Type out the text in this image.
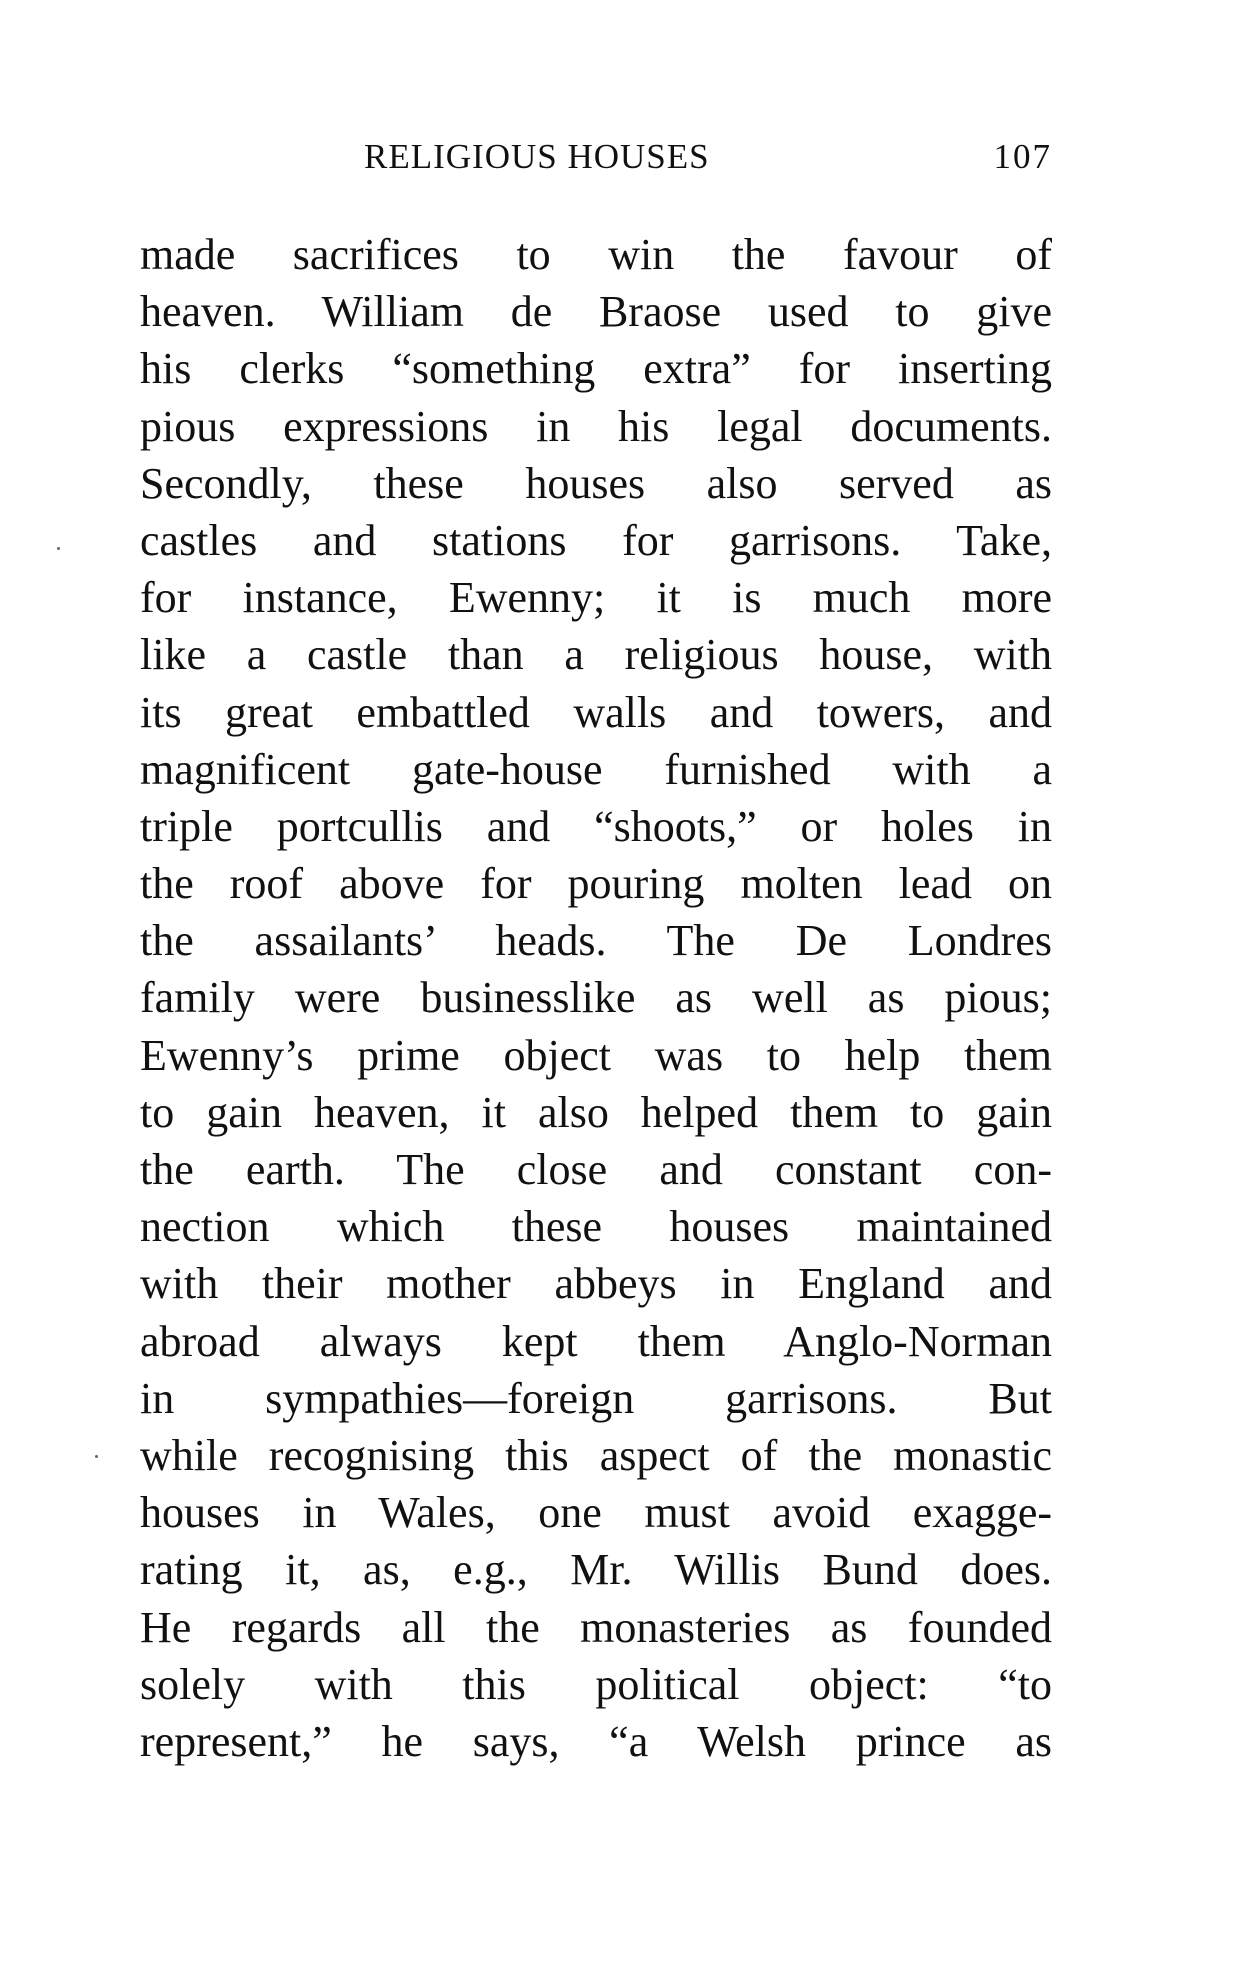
RELIGIOUS HOUSES	107
made sacrifices to win the favour of
heaven. William de Braose used to give
his clerks “something extra” for inserting
pious expressions in his legal documents.
Secondly, these houses also served as
castles and stations for garrisons. Take,
for instance, Ewenny; it is much more
like a castle than a religious house, with
its great embattled walls and towers, and
magnificent gate-house furnished with a
triple portcullis and “shoots,” or holes in
the roof above for pouring molten lead on
the assailants’ heads. The De Londres
family were businesslike as well as pious;
Ewenny’s prime object was to help them
to gain heaven, it also helped them to gain
the earth. The close and constant con-
nection which these houses maintained
with their mother abbeys in England and
abroad always kept them Anglo-Norman
in sympathies—foreign garrisons. But
while recognising this aspect of the monastic
houses in Wales, one must avoid exagge-
rating it, as, e.g., Mr. Willis Bund does.
He regards all the monasteries as founded
solely with this political object: “to
represent,” he says, “a Welsh prince as
